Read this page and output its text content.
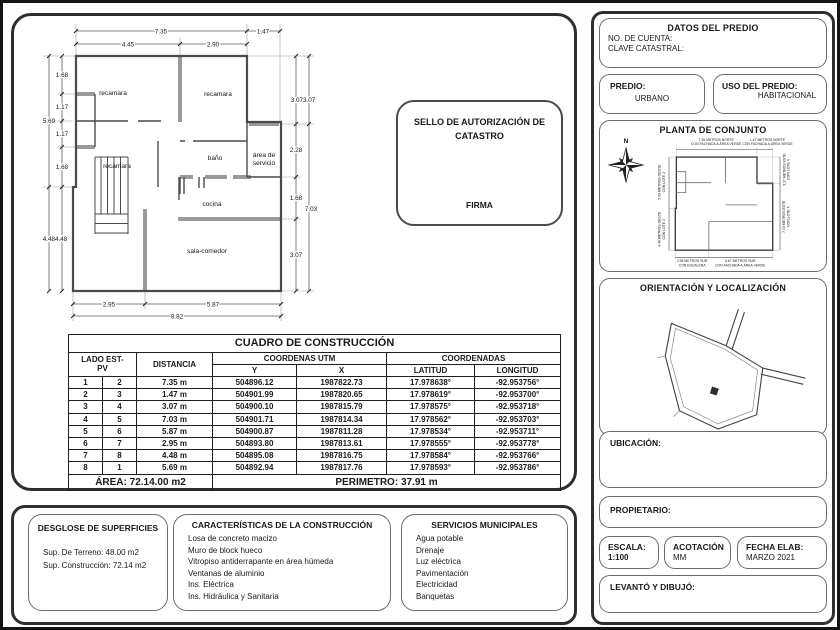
7.35	1.47
4.45	2.90
5.69
1.68
1.17
1.17
1.68
4.484.48
3.073.07
2.28
1.68
3.07
7.03
2.95	5.87
8.82
recamara	recamara
recamara
baño	área de
servicio
cocina
sala-comedor
SELLO DE AUTORIZACIÓN DE
CATASTRO
FIRMA
CUADRO DE CONSTRUCCIÓN						

LADO EST-
PV		DISTANCIA	COORDENAS UTM		COORDENADAS	
			Y	X	LATITUD	LONGITUD
1	2	7.35 m	504896.12	1987822.73	17.978638°	-92.953756°
2	3	1.47 m	504901.99	1987820.65	17.978619°	-92.953700°
3	4	3.07 m	504900.10	1987815.79	17.978575°	-92.953718°
4	5	7.03 m	504901.71	1987814.34	17.978562°	-92.953703°
5	6	5.87 m	504900.87	1987811.28	17.978534°	-92.953711°
6	7	2.95 m	504893.80	1987813.61	17.978555°	-92.953778°
7	8	4.48 m	504895.08	1987816.75	17.978584°	-92.953766°
8	1	5.69 m	504892.94	1987817.76	17.978593°	-92.953786°
ÁREA: 72.14.00 m2			PERIMETRO: 37.91 m			
DESGLOSE DE SUPERFICIES
Sup. De Terreno: 48.00 m2
Sup. Construcción: 72.14 m2
CARACTERÍSTICAS DE LA CONSTRUCCIÓN
Losa de concreto macizo
Muro de block hueco
Vitropiso antiderrapante en área húmeda
Ventanas de aluminio
Ins. Eléctrica
Ins. Hidráulica y Sanitaria
SERVICIOS MUNICIPALES
Agua potable
Drenaje
Luz eléctrica
Pavimentación
Electricidad
Banquetas
DATOS DEL PREDIO
NO. DE CUENTA:
CLAVE CATASTRAL:
PREDIO:
URBANO
USO DEL PREDIO:
HABITACIONAL
PLANTA DE CONJUNTO
N	7.35 METROS NORTE
CON FACHADA A ÁREA VERDE
1.47 METROS NORTE
CON FACHADA A ÁREA VERDE
5.69 METROS OESTE CON LOTE 2
4.48 METROS OESTE CON LOTE 2
3.07 METROS ESTE CON LOTE 4
7.03 METROS ESTE CON LOTE 4
2.95 METROS SUR
CON ESCALERA
5.87 METROS SUR
CON FACHADA A ÁREA VERDE
ORIENTACIÓN Y LOCALIZACIÓN
UBICACIÓN:
PROPIETARIO:
ESCALA:
1:100
ACOTACIÓN
MM
FECHA ELAB:
MARZO 2021
LEVANTÓ Y DIBUJÓ:
